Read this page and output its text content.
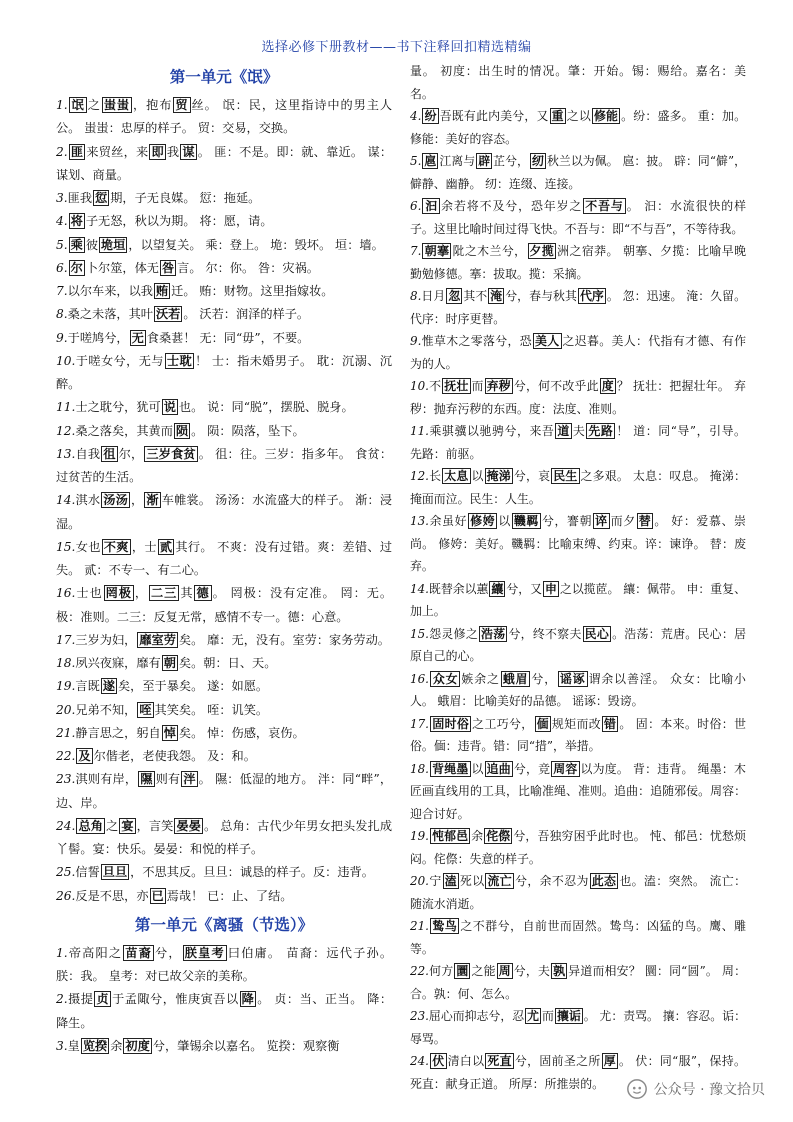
选择必修下册教材——书下注释回扣精选精编
第一单元《氓》

1. 氓 之 蚩蚩 ，抱布 贸 丝。 氓：民，这里指诗中的男主人公。 蚩蚩：忠厚的样子。 贸：交易，交换。

2. 匪 来贸丝，来 即 我 谋 。 匪：不是。即：就、靠近。 谋：谋划、商量。

3.匪我 愆 期，子无良媒。 愆：拖延。

4. 将 子无怒，秋以为期。 将：愿，请。

5. 乘 彼 垝垣 ，以望复关。 乘：登上。 垝：毁坏。 垣：墙。

6. 尔 卜尔筮，体无 咎 言。 尔：你。 咎：灾祸。

7.以尔车来，以我 贿 迁。 贿：财物。这里指嫁妆。

8.桑之未落，其叶 沃若 。 沃若：润泽的样子。

9.于嗟鸠兮， 无 食桑葚！ 无：同“毋”，不要。

10.于嗟女兮，无与 士耽 ！ 士：指未婚男子。 耽：沉溺、沉醉。

11.士之耽兮，犹可 说 也。 说：同“脱”，摆脱、脱身。

12.桑之落矣，其黄而 陨 。 陨：陨落，坠下。

13.自我 徂 尔， 三岁食贫 。 徂：往。三岁：指多年。 食贫：过贫苦的生活。

14.淇水 汤汤 ， 渐 车帷裳。 汤汤：水流盛大的样子。 渐：浸湿。

15.女也 不爽 ，士 贰 其行。 不爽：没有过错。爽：差错、过失。 贰：不专一、有二心。

16.士也 罔极 ， 二三 其 德 。 罔极：没有定准。 罔：无。极：准则。二三：反复无常，感情不专一。德：心意。

17.三岁为妇， 靡室劳 矣。 靡：无，没有。室劳：家务劳动。

18.夙兴夜寐，靡有 朝 矣。朝：日、天。

19.言既 遂 矣，至于暴矣。 遂：如愿。

20.兄弟不知， 咥 其笑矣。 咥：讥笑。

21.静言思之，躬自 悼 矣。 悼：伤感，哀伤。

22. 及 尔偕老，老使我怨。 及：和。

23.淇则有岸， 隰 则有 泮 。 隰：低湿的地方。 泮：同“畔”，边、岸。

24. 总角 之 宴 ，言笑 晏晏 。 总角：古代少年男女把头发扎成丫髻。宴：快乐。晏晏：和悦的样子。

25.信誓 旦旦 ，不思其反。旦旦：诚恳的样子。反：违背。

26.反是不思，亦 已 焉哉！ 已：止、了结。

第一单元《离骚（节选）》

1.帝高阳之 苗裔 兮， 朕皇考 曰伯庸。 苗裔：远代子孙。 朕：我。 皇考：对已故父亲的美称。

2.摄提 贞 于孟陬兮，惟庚寅吾以 降 。 贞：当、正当。 降：降生。

3.皇 览揆 余 初度 兮，肇锡余以嘉名。 览揆：观察衡

量。 初度：出生时的情况。肇：开始。锡：赐给。嘉名：美名。

4. 纷 吾既有此内美兮，又 重 之以 修能 。纷：盛多。 重：加。修能：美好的容态。

5. 扈 江离与 辟 芷兮， 纫 秋兰以为佩。 扈：披。 辟：同“僻”，僻静、幽静。 纫：连缀、连接。

6. 汩 余若将不及兮，恐年岁之 不吾与 。 汩：水流很快的样子。这里比喻时间过得飞快。不吾与：即“不与吾”，不等待我。

7. 朝搴 阰之木兰兮， 夕揽 洲之宿莽。 朝搴、夕揽：比喻早晚勤勉修德。搴：拔取。揽：采摘。

8.日月 忽 其不 淹 兮，春与秋其 代序 。 忽：迅速。 淹：久留。 代序：时序更替。

9.惟草木之零落兮，恐 美人 之迟暮。美人：代指有才德、有作为的人。

10.不 抚壮 而 弃秽 兮，何不改乎此 度 ？ 抚壮：把握壮年。 弃秽：抛弃污秽的东西。度：法度、准则。

11.乘骐骥以驰骋兮，来吾 道 夫 先路 ！ 道：同“导”，引导。 先路：前驱。

12.长 太息 以 掩涕 兮，哀 民生 之多艰。 太息：叹息。 掩涕：掩面而泣。民生：人生。

13.余虽好 修姱 以 鞿羁 兮，謇朝 谇 而夕 替 。 好：爱慕、崇尚。 修姱：美好。鞿羁：比喻束缚、约束。谇：谏诤。 替：废弃。

14.既替余以蕙 纕 兮，又 申 之以揽茝。 纕：佩带。 申：重复、加上。

15.怨灵修之 浩荡 兮，终不察夫 民心 。浩荡：荒唐。民心：居原自己的心。

16. 众女 嫉余之 蛾眉 兮， 谣诼 谓余以善淫。 众女：比喻小人。 蛾眉：比喻美好的品德。 谣诼：毁谤。

17. 固时俗 之工巧兮， 偭 规矩而改 错 。 固：本来。时俗：世俗。偭：违背。错：同“措”，举措。

18. 背绳墨 以 追曲 兮，竞 周容 以为度。 背：违背。 绳墨：木匠画直线用的工具，比喻准绳、准则。追曲：追随邪佞。周容：迎合讨好。

19. 忳郁邑 余 侘傺 兮，吾独穷困乎此时也。 忳、郁邑：忧愁烦闷。侘傺：失意的样子。

20.宁 溘 死以 流亡 兮，余不忍为 此态 也。溘：突然。 流亡：随流水消逝。

21. 鸷鸟 之不群兮，自前世而固然。鸷鸟：凶猛的鸟。鹰、雕等。

22.何方 圜 之能 周 兮，夫 孰 异道而相安？ 圜：同“圆”。 周：合。孰：何、怎么。

23.屈心而抑志兮，忍 尤 而 攘诟 。 尤：责骂。 攘：容忍。诟：辱骂。

24. 伏 清白以 死直 兮，固前圣之所 厚 。 伏：同“服”，保持。 死直：献身正道。 所厚：所推崇的。	公众号 · 豫文拾贝
